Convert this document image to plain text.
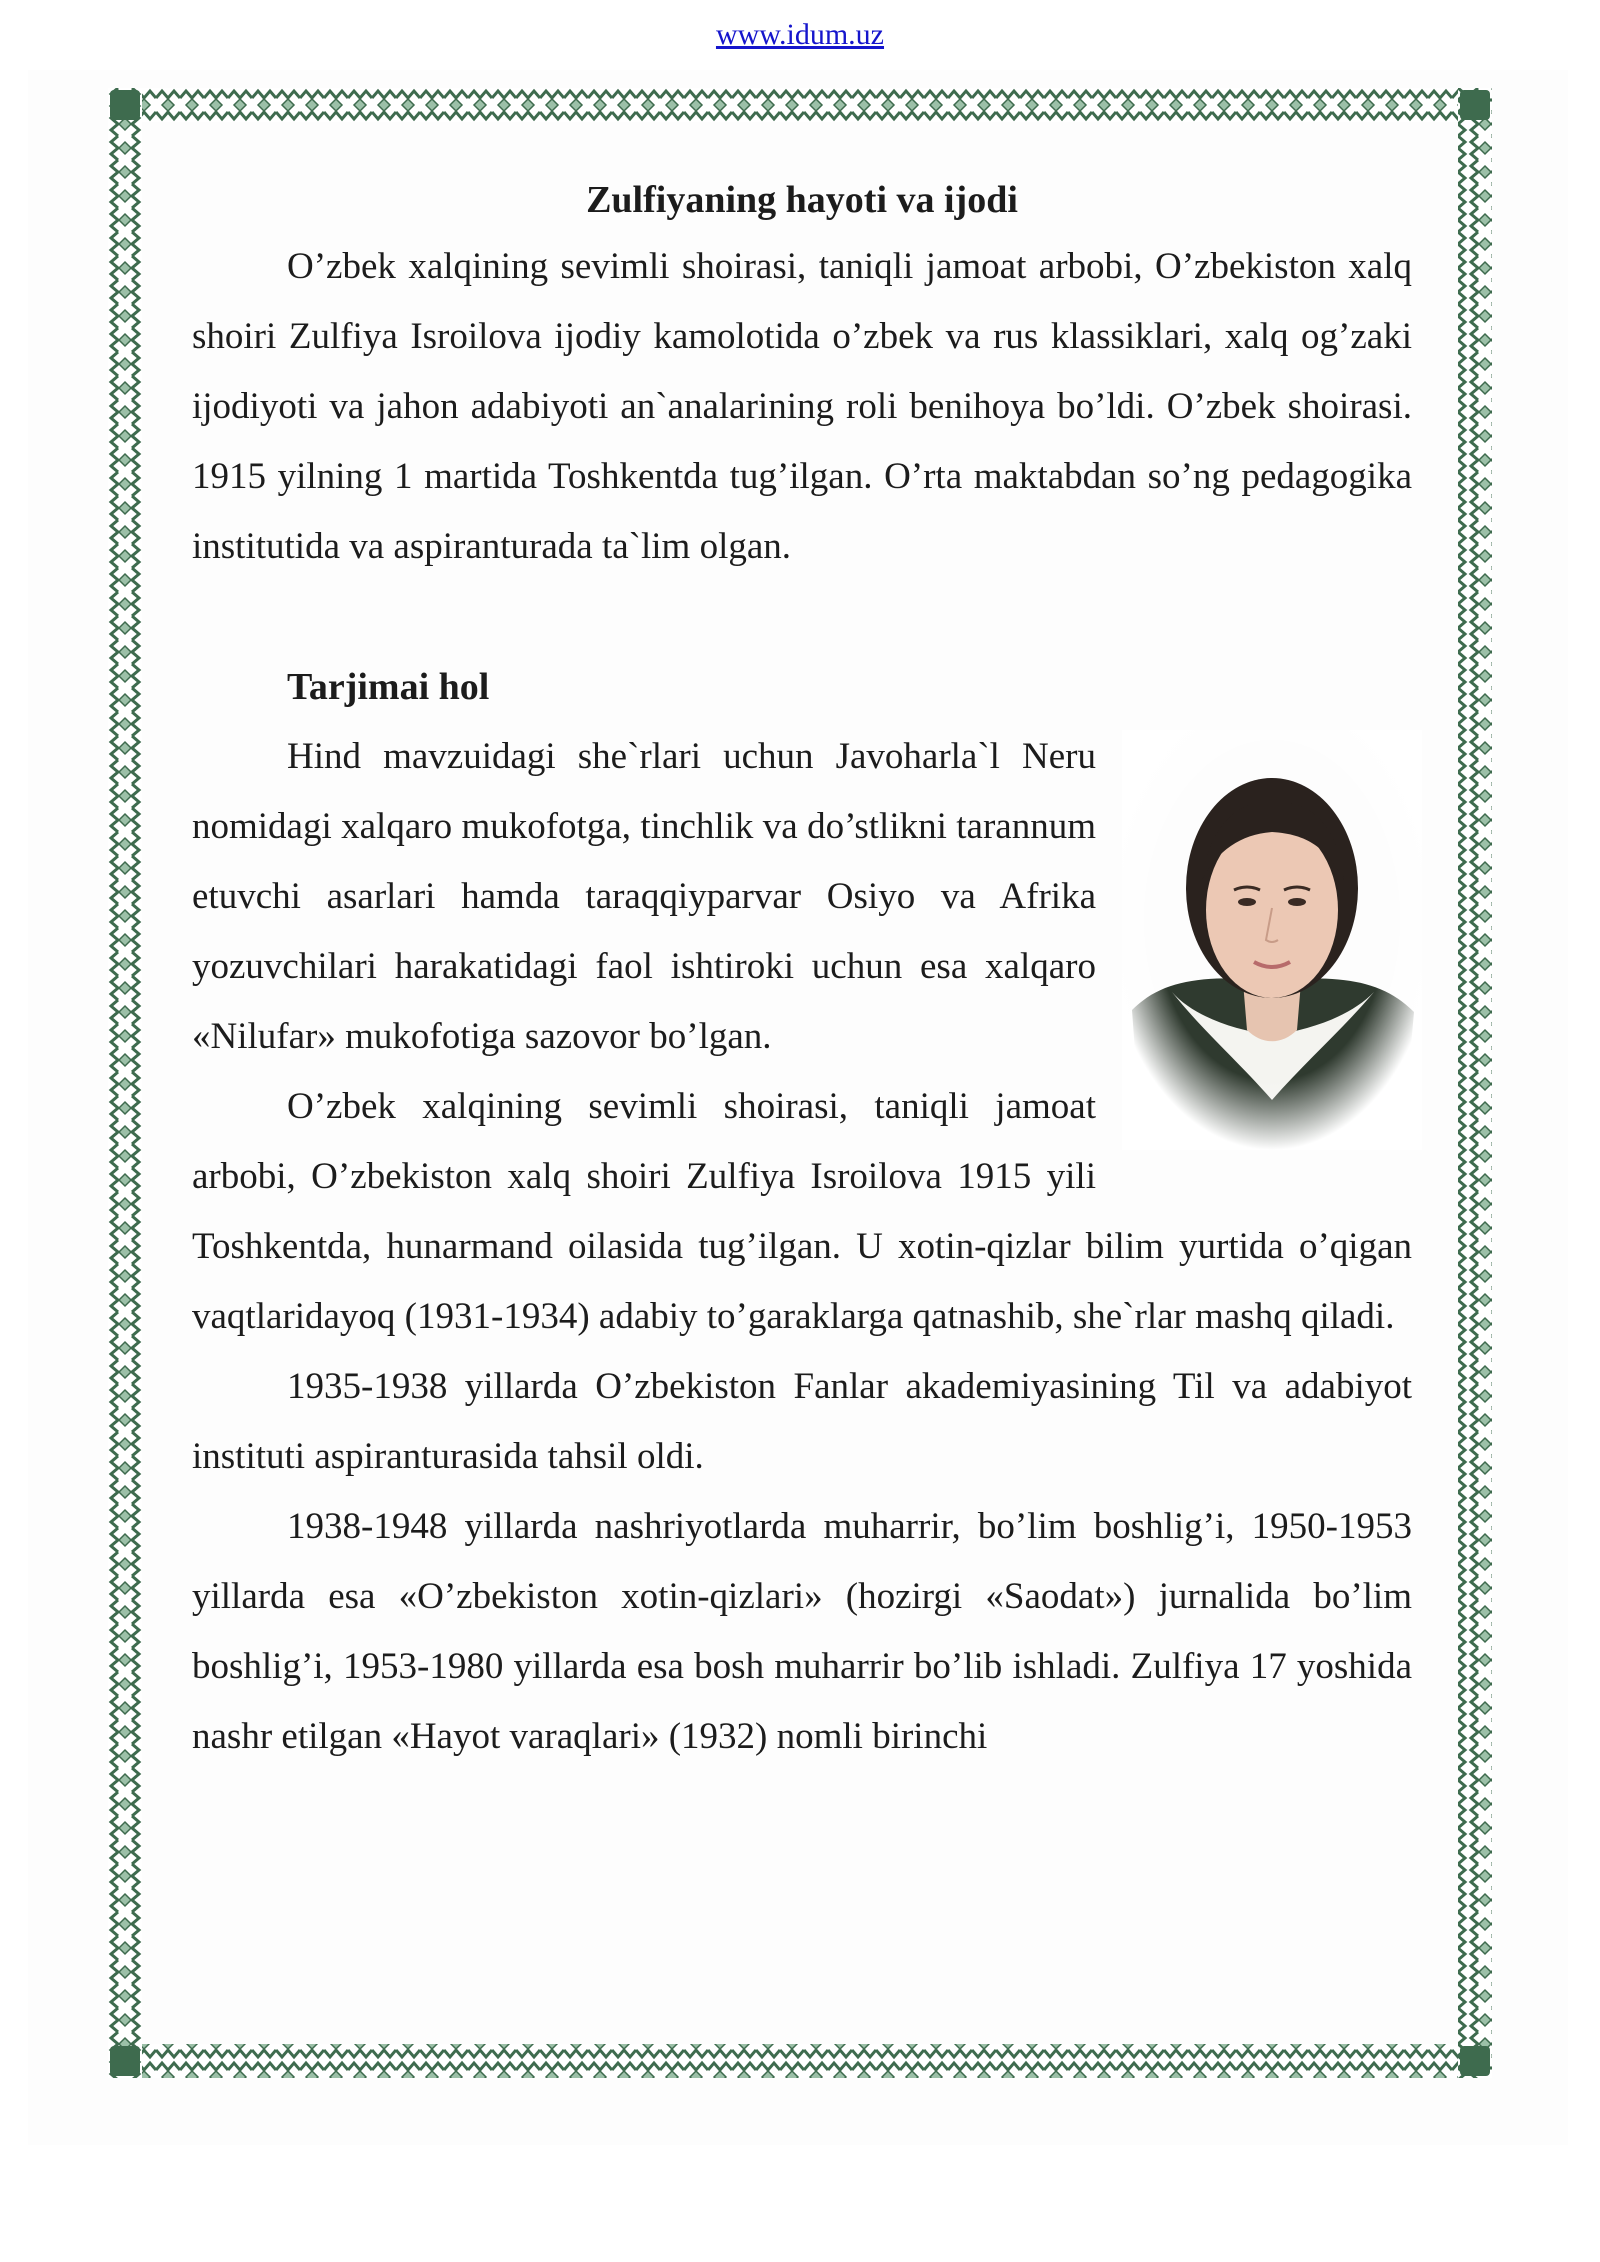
www.idum.uz
Zulfiyaning hayoti va ijodi

O’zbek xalqining sevimli shoirasi, taniqli jamoat arbobi, O’zbekiston xalq shoiri Zulfiya Isroilova ijodiy kamolotida o’zbek va rus klassiklari, xalq og’zaki ijodiyoti va jahon adabiyoti an`analarining roli benihoya bo’ldi. O’zbek shoirasi. 1915 yilning 1 martida Toshkentda tug’ilgan. O’rta maktabdan so’ng pedagogika institutida va aspiranturada ta`lim olgan.

Tarjimai hol

Hind mavzuidagi she`rlari uchun Javoharla`l Neru nomidagi xalqaro mukofotga, tinchlik va do’stlikni tarannum etuvchi asarlari hamda taraqqiyparvar Osiyo va Afrika yozuvchilari harakatidagi faol ishtiroki uchun esa xalqaro «Nilufar» mukofotiga sazovor bo’lgan.

O’zbek xalqining sevimli shoirasi, taniqli jamoat arbobi, O’zbekiston xalq shoiri Zulfiya Isroilova 1915 yili Toshkentda, hunarmand oilasida tug’ilgan. U xotin-qizlar bilim yurtida o’qigan vaqtlaridayoq (1931-1934) adabiy to’garaklarga qatnashib, she`rlar mashq qiladi.

1935-1938 yillarda O’zbekiston Fanlar akademiyasining Til va adabiyot instituti aspiranturasida tahsil oldi.

1938-1948 yillarda nashriyotlarda muharrir, bo’lim boshlig’i, 1950-1953 yillarda esa «O’zbekiston xotin-qizlari» (hozirgi «Saodat») jurnalida bo’lim boshlig’i, 1953-1980 yillarda esa bosh muharrir bo’lib ishladi. Zulfiya 17 yoshida nashr etilgan «Hayot varaqlari» (1932) nomli birinchi
